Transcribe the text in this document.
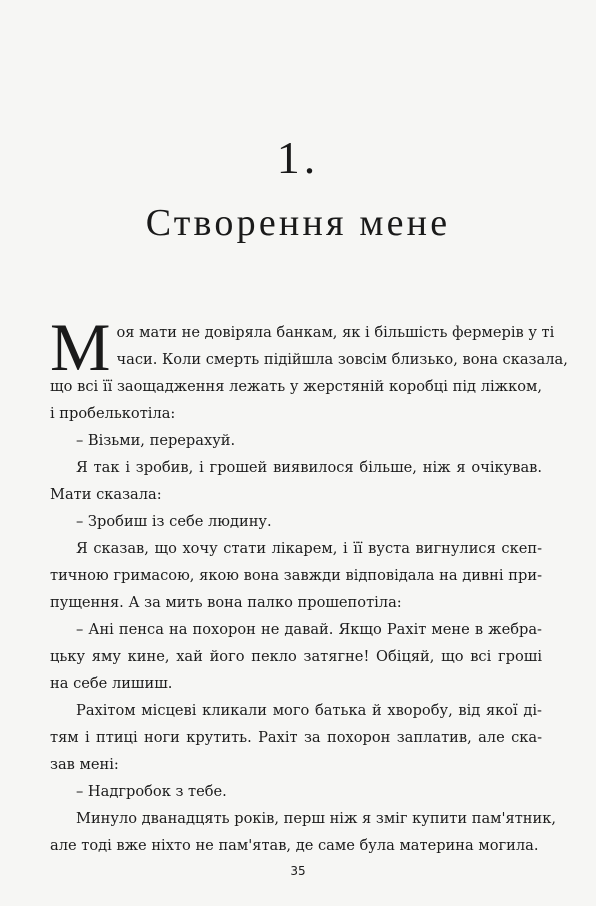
1.
Створення мене

М оя мати не довіряла банкам, як і більшість фермерів у ті
часи. Коли смерть підійшла зовсім близько, вона сказала,
що всі її заощадження лежать у жерстяній коробці під ліжком,
і пробелькотіла:

– Візьми, перерахуй.

Я так і зробив, і грошей виявилося більше, ніж я очікував.
Мати сказала:

– Зробиш із себе людину.

Я сказав, що хочу стати лікарем, і її вуста вигнулися скеп-
тичною гримасою, якою вона завжди відповідала на дивні при-
пущення. А за мить вона палко прошепотіла:

– Ані пенса на похорон не давай. Якщо Рахіт мене в жебра-
цьку яму кине, хай його пекло затягне! Обіцяй, що всі гроші
на себе лишиш.

Рахітом місцеві кликали мого батька й хворобу, від якої ді-
тям і птиці ноги крутить. Рахіт за похорон заплатив, але ска-
зав мені:

– Надгробок з тебе.

Минуло дванадцять років, перш ніж я зміг купити пам'ятник,
але тоді вже ніхто не пам'ятав, де саме була материна могила.

35
